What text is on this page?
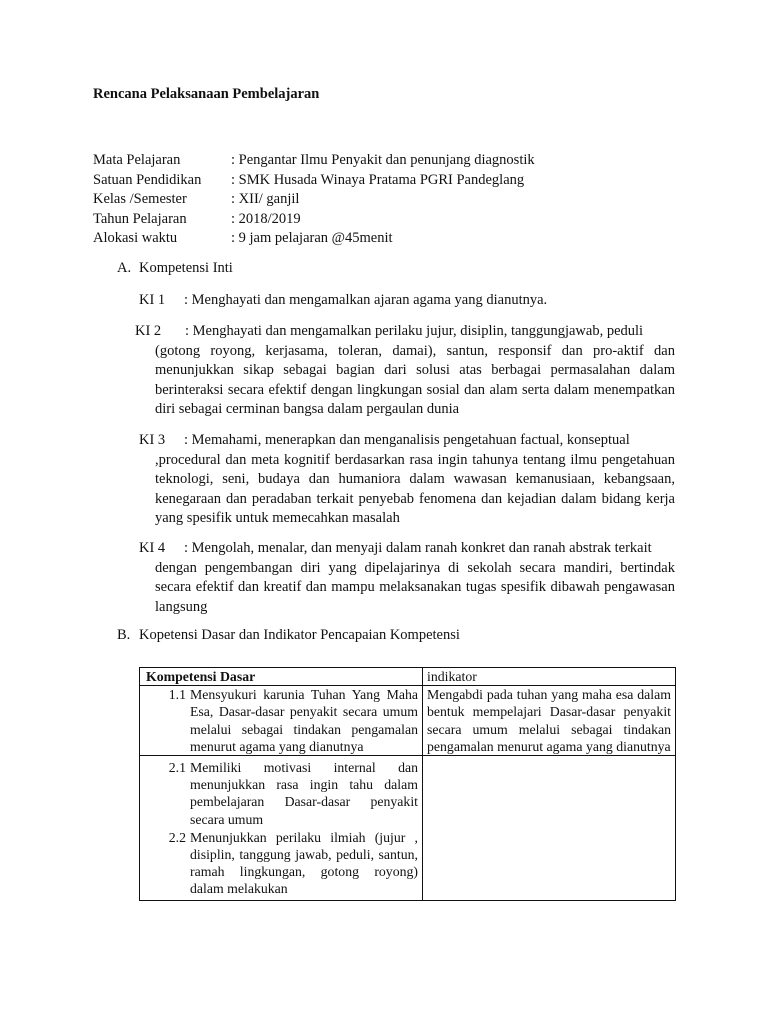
Rencana Pelaksanaan Pembelajaran
Mata Pelajaran	: Pengantar Ilmu Penyakit dan penunjang diagnostik
Satuan Pendidikan	: SMK Husada Winaya Pratama PGRI Pandeglang
Kelas /Semester	: XII/ ganjil
Tahun Pelajaran	: 2018/2019
Alokasi waktu	: 9 jam pelajaran @45menit
A. Kompetensi Inti
KI 1 : Menghayati dan mengamalkan ajaran agama yang dianutnya.
KI 2 : Menghayati dan mengamalkan perilaku jujur, disiplin, tanggungjawab, peduli
(gotong royong, kerjasama, toleran, damai), santun, responsif dan pro-aktif dan menunjukkan sikap sebagai bagian dari solusi atas berbagai permasalahan dalam berinteraksi secara efektif dengan lingkungan sosial dan alam serta dalam menempatkan diri sebagai cerminan bangsa dalam pergaulan dunia
KI 3 : Memahami, menerapkan dan menganalisis pengetahuan factual, konseptual
,procedural dan meta kognitif berdasarkan rasa ingin tahunya tentang ilmu pengetahuan teknologi, seni, budaya dan humaniora dalam wawasan kemanusiaan, kebangsaan, kenegaraan dan peradaban terkait penyebab fenomena dan kejadian dalam bidang kerja yang spesifik untuk memecahkan masalah
KI 4 : Mengolah, menalar, dan menyaji dalam ranah konkret dan ranah abstrak terkait
dengan pengembangan diri yang dipelajarinya di sekolah secara mandiri, bertindak secara efektif dan kreatif dan mampu melaksanakan tugas spesifik dibawah pengawasan langsung
B. Kopetensi Dasar dan Indikator Pencapaian Kompetensi
Kompetensi Dasar	indikator

1.1 Mensyukuri karunia Tuhan Yang Maha Esa, Dasar-dasar penyakit secara umum melalui sebagai tindakan pengamalan menurut agama yang dianutnya	Mengabdi pada tuhan yang maha esa dalam bentuk mempelajari Dasar-dasar penyakit secara umum melalui sebagai tindakan pengamalan menurut agama yang dianutnya

2.1 Memiliki motivasi internal dan menunjukkan rasa ingin tahu dalam pembelajaran Dasar-dasar penyakit secara umum
2.2 Menunjukkan perilaku ilmiah (jujur , disiplin, tanggung jawab, peduli, santun, ramah lingkungan, gotong royong) dalam melakukan	
